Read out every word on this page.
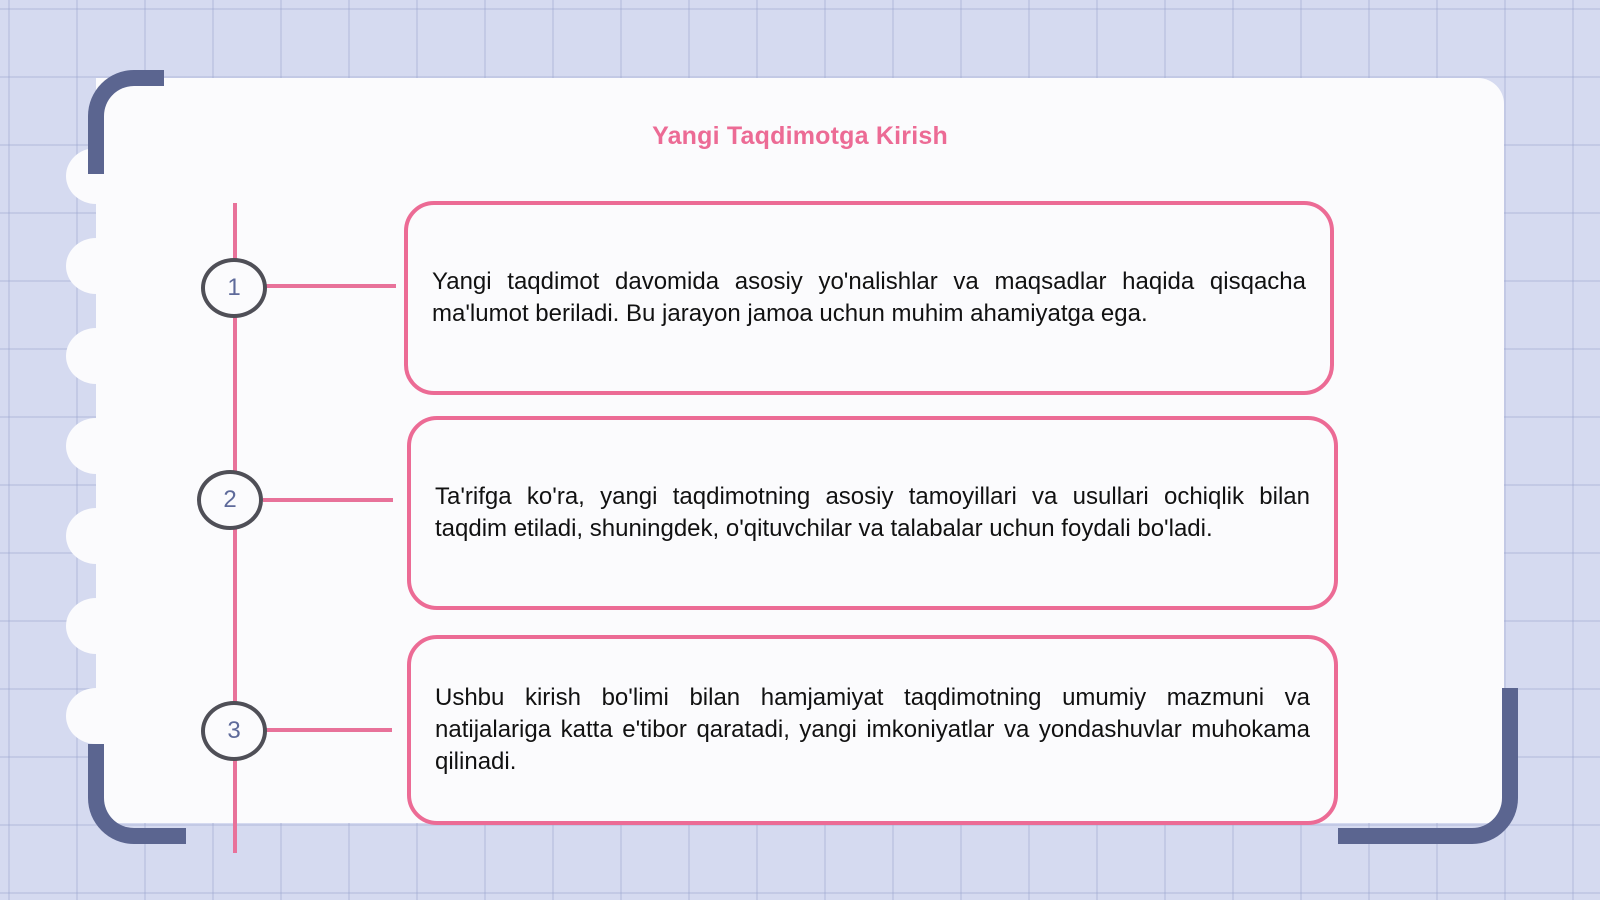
Yangi Taqdimotga Kirish
1	Yangi taqdimot davomida asosiy yo'nalishlar va maqsadlar haqida qisqacha ma'lumot beriladi. Bu jarayon jamoa uchun muhim ahamiyatga ega.

2	Ta'rifga ko'ra, yangi taqdimotning asosiy tamoyillari va usullari ochiqlik bilan taqdim etiladi, shuningdek, o'qituvchilar va talabalar uchun foydali bo'ladi.

3

Ushbu kirish bo'limi bilan hamjamiyat taqdimotning umumiy mazmuni va natijalariga katta e'tibor qaratadi, yangi imkoniyatlar va yondashuvlar muhokama qilinadi.
